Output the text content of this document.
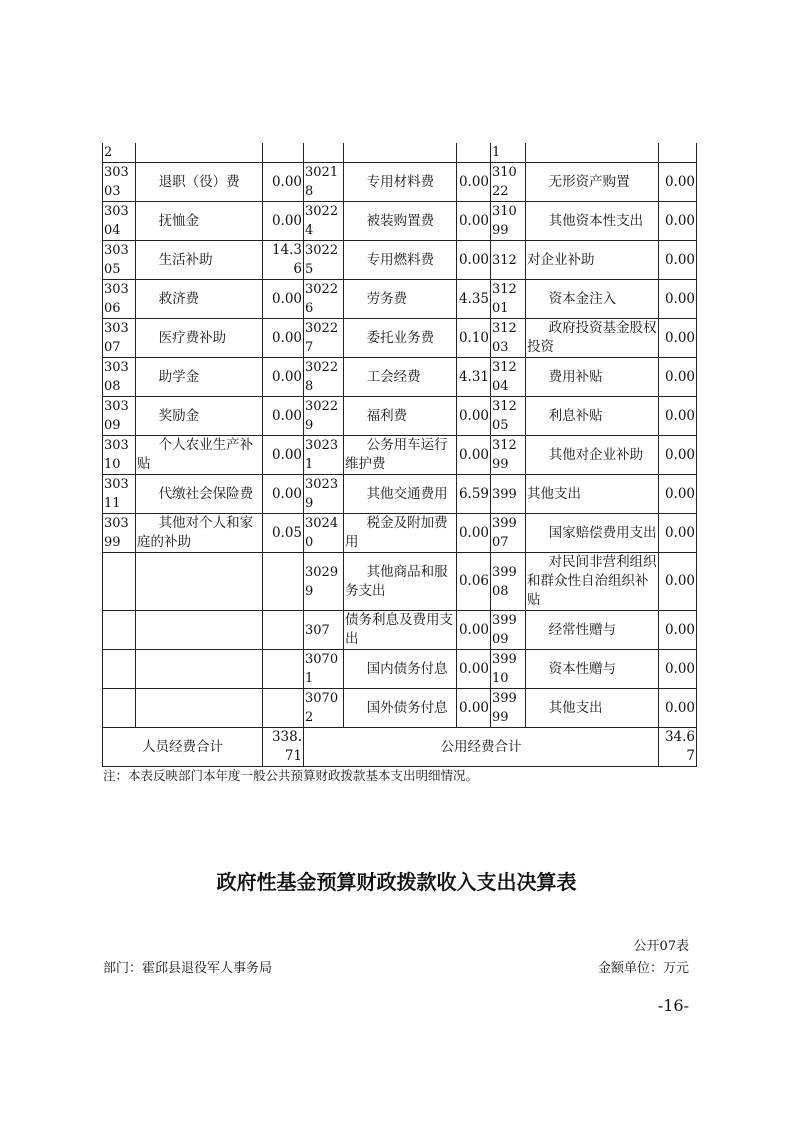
2						1		
30303	退职（役）费	0.00	30218	专用材料费	0.00	31022	无形资产购置	0.00
30304	抚恤金	0.00	30224	被装购置费	0.00	31099	其他资本性支出	0.00
30305	生活补助	14.36	30225	专用燃料费	0.00	312	对企业补助	0.00
30306	救济费	0.00	30226	劳务费	4.35	31201	资本金注入	0.00
30307	医疗费补助	0.00	30227	委托业务费	0.10	31203	政府投资基金股权投资	0.00
30308	助学金	0.00	30228	工会经费	4.31	31204	费用补贴	0.00
30309	奖励金	0.00	30229	福利费	0.00	31205	利息补贴	0.00
30310	个人农业生产补贴	0.00	30231	公务用车运行维护费	0.00	31299	其他对企业补助	0.00
30311	代缴社会保险费	0.00	30239	其他交通费用	6.59	399	其他支出	0.00
30399	其他对个人和家庭的补助	0.05	30240	税金及附加费用	0.00	39907	国家赔偿费用支出	0.00
			30299	其他商品和服务支出	0.06	39908	对民间非营利组织和群众性自治组织补贴	0.00
			307	债务利息及费用支出	0.00	39909	经常性赠与	0.00
			30701	国内债务付息	0.00	39910	资本性赠与	0.00
			30702	国外债务付息	0.00	39999	其他支出	0.00
人员经费合计		338.71	公用经费合计					34.67
注：本表反映部门本年度一般公共预算财政拨款基本支出明细情况。
政府性基金预算财政拨款收入支出决算表
公开07表
部门：霍邱县退役军人事务局	金额单位：万元
-16-
